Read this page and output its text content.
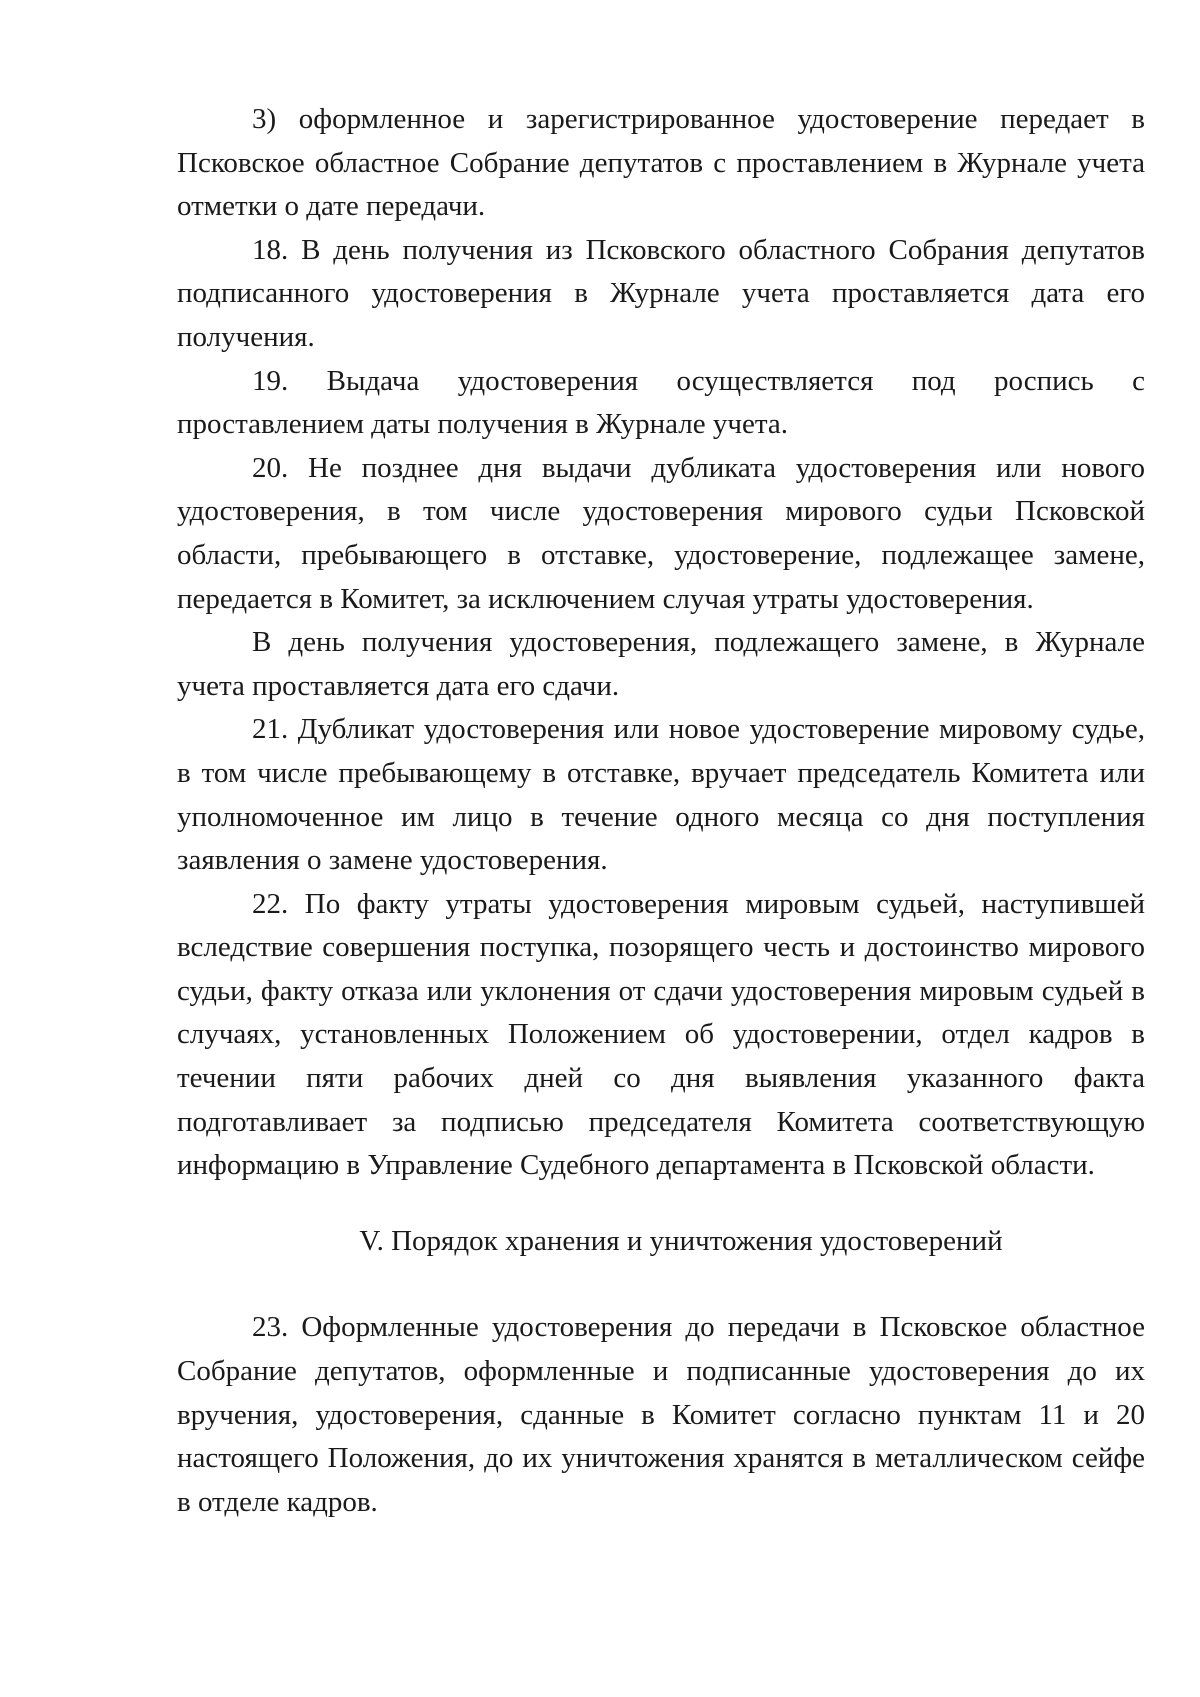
3) оформленное и зарегистрированное удостоверение передает в Псковское областное Собрание депутатов с проставлением в Журнале учета отметки о дате передачи.

18. В день получения из Псковского областного Собрания депутатов подписанного удостоверения в Журнале учета проставляется дата его получения.

19. Выдача удостоверения осуществляется под роспись с проставлением даты получения в Журнале учета.

20. Не позднее дня выдачи дубликата удостоверения или нового удостоверения, в том числе удостоверения мирового судьи Псковской области, пребывающего в отставке, удостоверение, подлежащее замене, передается в Комитет, за исключением случая утраты удостоверения.

В день получения удостоверения, подлежащего замене, в Журнале учета проставляется дата его сдачи.

21. Дубликат удостоверения или новое удостоверение мировому судье, в том числе пребывающему в отставке, вручает председатель Комитета или уполномоченное им лицо в течение одного месяца со дня поступления заявления о замене удостоверения.

22. По факту утраты удостоверения мировым судьей, наступившей вследствие совершения поступка, позорящего честь и достоинство мирового судьи, факту отказа или уклонения от сдачи удостоверения мировым судьей в случаях, установленных Положением об удостоверении, отдел кадров в течении пяти рабочих дней со дня выявления указанного факта подготавливает за подписью председателя Комитета соответствующую информацию в Управление Судебного департамента в Псковской области.

V. Порядок хранения и уничтожения удостоверений

23. Оформленные удостоверения до передачи в Псковское областное Собрание депутатов, оформленные и подписанные удостоверения до их вручения, удостоверения, сданные в Комитет согласно пунктам 11 и 20 настоящего Положения, до их уничтожения хранятся в металлическом сейфе в отделе кадров.
